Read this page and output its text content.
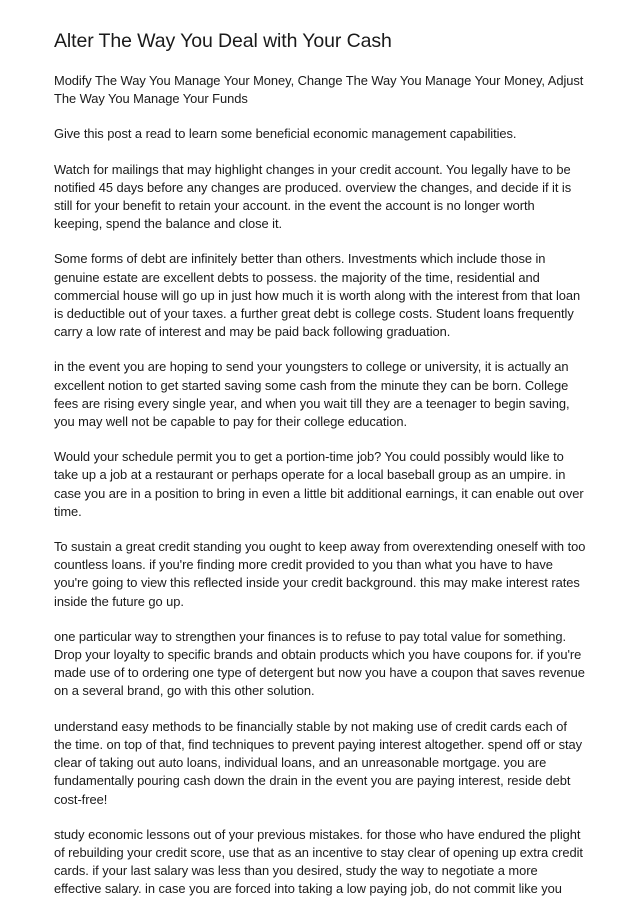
Alter The Way You Deal with Your Cash

Modify The Way You Manage Your Money, Change The Way You Manage Your Money, Adjust The Way You Manage Your Funds

Give this post a read to learn some beneficial economic management capabilities.

Watch for mailings that may highlight changes in your credit account. You legally have to be notified 45 days before any changes are produced. overview the changes, and decide if it is still for your benefit to retain your account. in the event the account is no longer worth keeping, spend the balance and close it.

Some forms of debt are infinitely better than others. Investments which include those in genuine estate are excellent debts to possess. the majority of the time, residential and commercial house will go up in just how much it is worth along with the interest from that loan is deductible out of your taxes. a further great debt is college costs. Student loans frequently carry a low rate of interest and may be paid back following graduation.

in the event you are hoping to send your youngsters to college or university, it is actually an excellent notion to get started saving some cash from the minute they can be born. College fees are rising every single year, and when you wait till they are a teenager to begin saving, you may well not be capable to pay for their college education.

Would your schedule permit you to get a portion-time job? You could possibly would like to take up a job at a restaurant or perhaps operate for a local baseball group as an umpire. in case you are in a position to bring in even a little bit additional earnings, it can enable out over time.

To sustain a great credit standing you ought to keep away from overextending oneself with too countless loans. if you're finding more credit provided to you than what you have to have you're going to view this reflected inside your credit background. this may make interest rates inside the future go up.

one particular way to strengthen your finances is to refuse to pay total value for something. Drop your loyalty to specific brands and obtain products which you have coupons for. if you're made use of to ordering one type of detergent but now you have a coupon that saves revenue on a several brand, go with this other solution.

understand easy methods to be financially stable by not making use of credit cards each of the time. on top of that, find techniques to prevent paying interest altogether. spend off or stay clear of taking out auto loans, individual loans, and an unreasonable mortgage. you are fundamentally pouring cash down the drain in the event you are paying interest, reside debt cost-free!

study economic lessons out of your previous mistakes. for those who have endured the plight of rebuilding your credit score, use that as an incentive to stay clear of opening up extra credit cards. if your last salary was less than you desired, study the way to negotiate a more effective salary. in case you are forced into taking a low paying job, do not commit like you
